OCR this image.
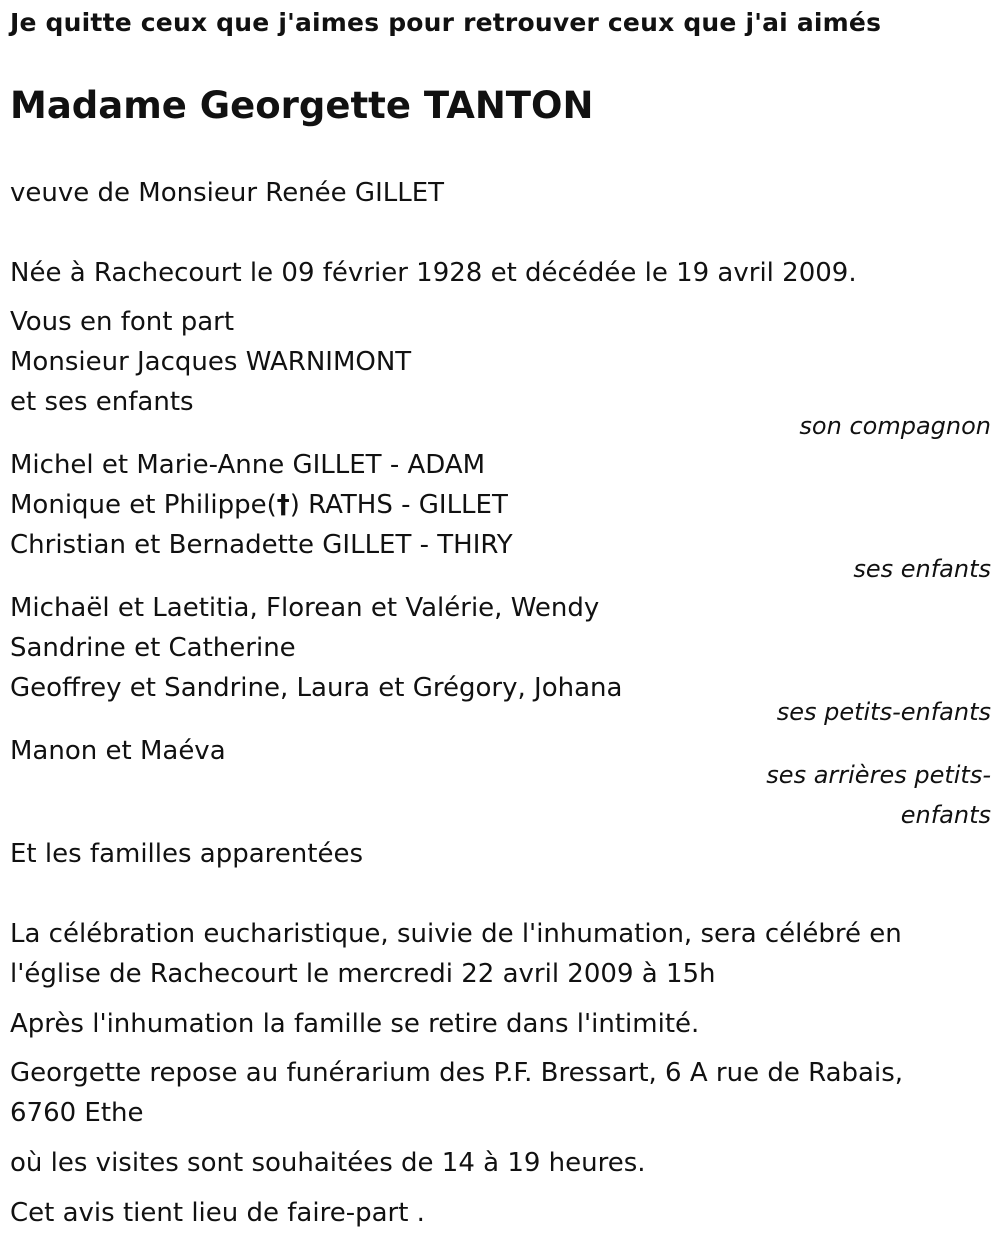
Je quitte ceux que j'aimes pour retrouver ceux que j'ai aimés
Madame Georgette TANTON
veuve de Monsieur Renée GILLET
Née à Rachecourt le 09 février 1928 et décédée le 19 avril 2009.
Vous en font part
Monsieur Jacques WARNIMONT
et ses enfants
son compagnon
Michel et Marie-Anne GILLET - ADAM
Monique et Philippe(†) RATHS - GILLET
Christian et Bernadette GILLET - THIRY
ses enfants
Michaël et Laetitia, Florean et Valérie, Wendy
Sandrine et Catherine
Geoffrey et Sandrine, Laura et Grégory, Johana
ses petits-enfants
Manon et Maéva
ses arrières petits-
enfants
Et les familles apparentées
La célébration eucharistique, suivie de l'inhumation, sera célébré en
l'église de Rachecourt le mercredi 22 avril 2009 à 15h
Après l'inhumation la famille se retire dans l'intimité.
Georgette repose au funérarium des P.F. Bressart, 6 A rue de Rabais,
6760 Ethe
où les visites sont souhaitées de 14 à 19 heures.
Cet avis tient lieu de faire-part .
